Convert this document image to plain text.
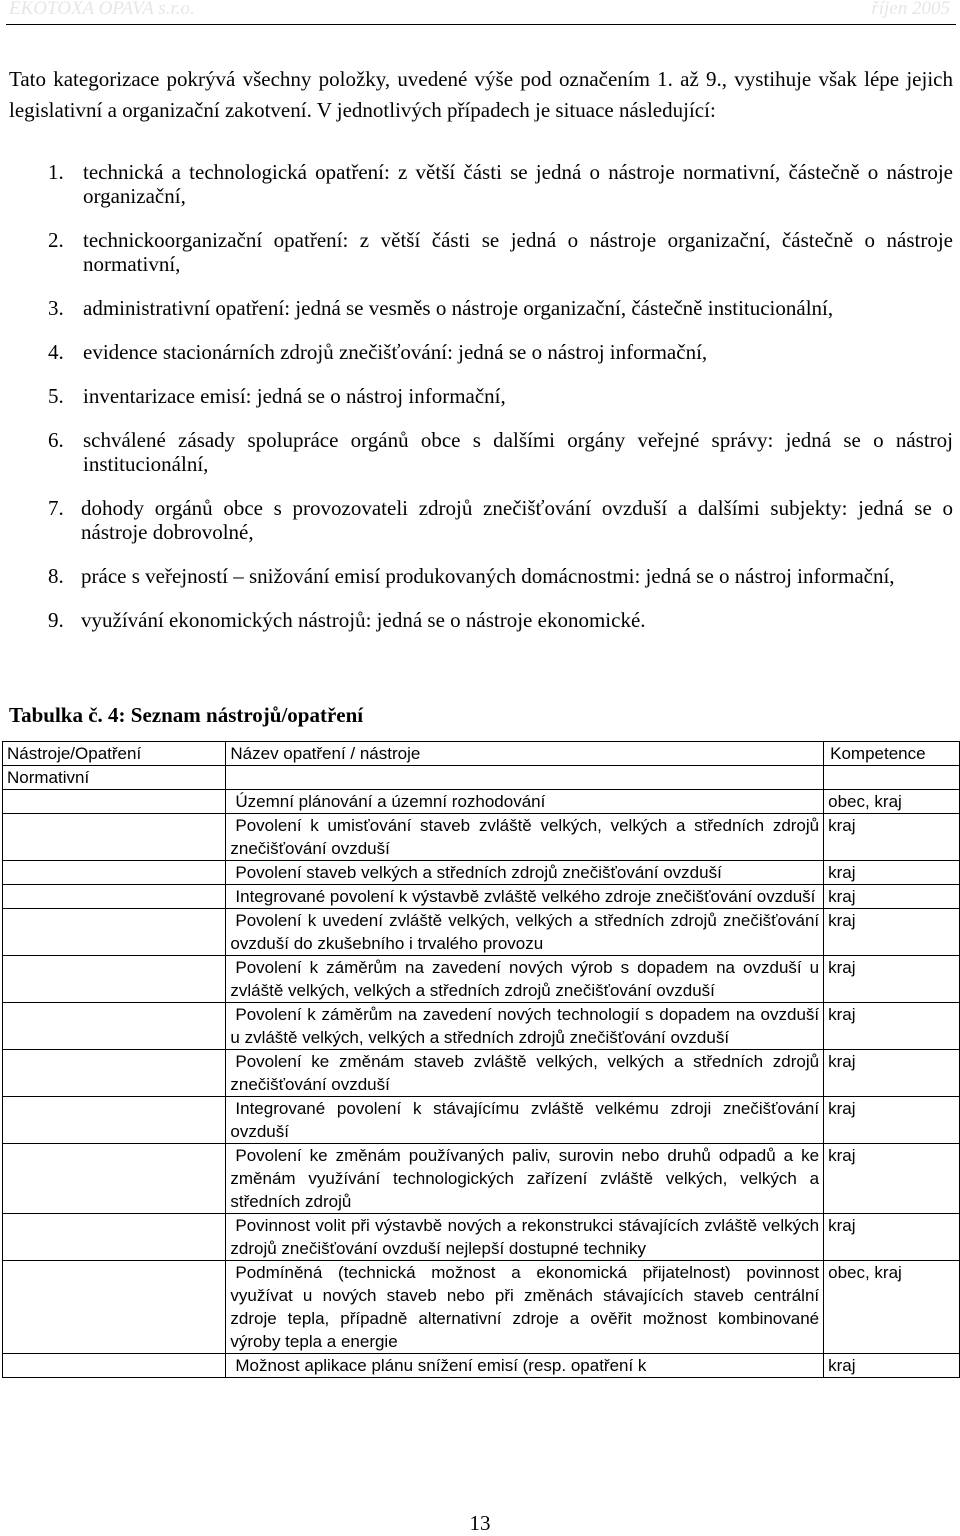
EKOTOXA OPAVA s.r.o.	říjen 2005
Tato kategorizace pokrývá všechny položky, uvedené výše pod označením 1. až 9., vystihuje však lépe jejich legislativní a organizační zakotvení. V jednotlivých případech je situace následující:
1. technická a technologická opatření: z větší části se jedná o nástroje normativní, částečně o nástroje organizační,
2. technickoorganizační opatření: z větší části se jedná o nástroje organizační, částečně o nástroje normativní,
3. administrativní opatření: jedná se vesměs o nástroje organizační, částečně institucionální,
4. evidence stacionárních zdrojů znečišťování: jedná se o nástroj informační,
5. inventarizace emisí: jedná se o nástroj informační,
6. schválené zásady spolupráce orgánů obce s dalšími orgány veřejné správy: jedná se o nástroj institucionální,
7. dohody orgánů obce s provozovateli zdrojů znečišťování ovzduší a dalšími subjekty: jedná se o nástroje dobrovolné,
8. práce s veřejností – snižování emisí produkovaných domácnostmi: jedná se o nástroj informační,
9. využívání ekonomických nástrojů: jedná se o nástroje ekonomické.
Tabulka č. 4: Seznam nástrojů/opatření
Nástroje/Opatření	Název opatření / nástroje	Kompetence
Normativní		
	Územní plánování a územní rozhodování	obec, kraj
	Povolení k umisťování staveb zvláště velkých, velkých a středních zdrojů znečišťování ovzduší	kraj
	Povolení staveb velkých a středních zdrojů znečišťování ovzduší	kraj
	Integrované povolení k výstavbě zvláště velkého zdroje znečišťování ovzduší	kraj
	Povolení k uvedení zvláště velkých, velkých a středních zdrojů znečišťování ovzduší do zkušebního i trvalého provozu	kraj
	Povolení k záměrům na zavedení nových výrob s dopadem na ovzduší u zvláště velkých, velkých a středních zdrojů znečišťování ovzduší	kraj
	Povolení k záměrům na zavedení nových technologií s dopadem na ovzduší u zvláště velkých, velkých a středních zdrojů znečišťování ovzduší	kraj
	Povolení ke změnám staveb zvláště velkých, velkých a středních zdrojů znečišťování ovzduší	kraj
	Integrované povolení k stávajícímu zvláště velkému zdroji znečišťování ovzduší	kraj
	Povolení ke změnám používaných paliv, surovin nebo druhů odpadů a ke změnám využívání technologických zařízení zvláště velkých, velkých a středních zdrojů	kraj
	Povinnost volit při výstavbě nových a rekonstrukci stávajících zvláště velkých zdrojů znečišťování ovzduší nejlepší dostupné techniky	kraj
	Podmíněná (technická možnost a ekonomická přijatelnost) povinnost využívat u nových staveb nebo při změnách stávajících staveb centrální zdroje tepla, případně alternativní zdroje a ověřit možnost kombinované výroby tepla a energie	obec, kraj
	Možnost aplikace plánu snížení emisí (resp. opatření k	kraj
13
